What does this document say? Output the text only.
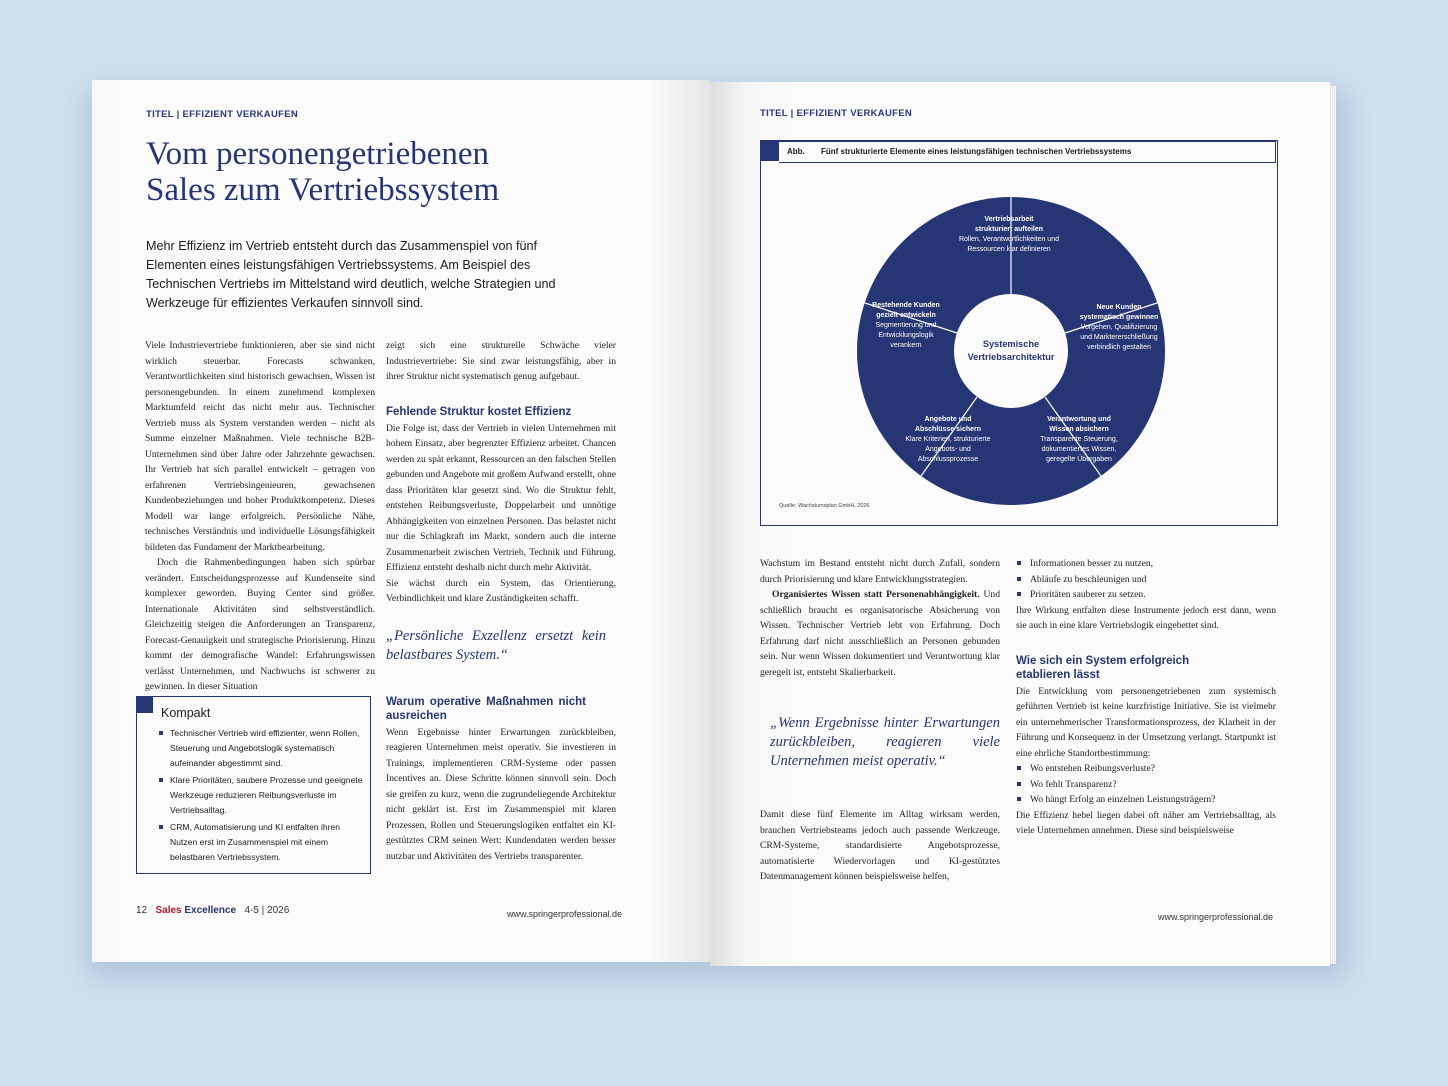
TITEL | EFFIZIENT VERKAUFEN
Vom personengetriebenen
Sales zum Vertriebssystem
Mehr Effizienz im Vertrieb entsteht durch das Zusammenspiel von fünf Elementen eines leistungsfähigen Vertriebssystems. Am Beispiel des Technischen Vertriebs im Mittelstand wird deutlich, welche Strategien und Werkzeuge für effizientes Verkaufen sinnvoll sind.

Viele Industrievertriebe funktionieren, aber sie sind nicht wirklich steuerbar. Forecasts schwanken, Verantwortlichkeiten sind historisch gewachsen, Wissen ist personengebunden. In einem zunehmend komplexen Marktumfeld reicht das nicht mehr aus. Technischer Vertrieb muss als System verstanden werden – nicht als Summe einzelner Maßnahmen. Viele technische B2B-Unternehmen sind über Jahre oder Jahrzehnte gewachsen. Ihr Vertrieb hat sich parallel entwickelt – getragen von erfahrenen Vertriebsingenieuren, gewachsenen Kundenbeziehungen und hoher Produktkompetenz. Dieses Modell war lange erfolgreich. Persönliche Nähe, technisches Verständnis und individuelle Lösungsfähigkeit bildeten das Fundament der Marktbearbeitung.

Doch die Rahmenbedingungen haben sich spürbar verändert. Entscheidungsprozesse auf Kundenseite sind komplexer geworden. Buying Center sind größer. Internationale Aktivitäten sind selbstverständlich. Gleichzeitig steigen die Anforderungen an Transparenz, Forecast-Genauigkeit und strategische Priorisierung. Hinzu kommt der demografische Wandel: Erfahrungswissen verlässt Unternehmen, und Nachwuchs ist schwerer zu gewinnen. In dieser Situation

zeigt sich eine strukturelle Schwäche vieler Industrievertriebe: Sie sind zwar leistungsfähig, aber in ihrer Struktur nicht systematisch genug aufgebaut.

Fehlende Struktur kostet Effizienz

Die Folge ist, dass der Vertrieb in vielen Unternehmen mit hohem Einsatz, aber begrenzter Effizienz arbeitet. Chancen werden zu spät erkannt, Ressourcen an den falschen Stellen gebunden und Angebote mit großem Aufwand erstellt, ohne dass Prioritäten klar gesetzt sind. Wo die Struktur fehlt, entstehen Reibungsverluste, Doppelarbeit und unnötige Abhängigkeiten von einzelnen Personen. Das belastet nicht nur die Schlagkraft im Markt, sondern auch die interne Zusammenarbeit zwischen Vertrieb, Technik und Führung. Effizienz entsteht deshalb nicht durch mehr Aktivität.

Sie wächst durch ein System, das Orientierung, Verbindlichkeit und klare Zuständigkeiten schafft.

„Persönliche Exzellenz ersetzt kein belastbares System.“
Warum operative Maßnahmen nicht ausreichen

Wenn Ergebnisse hinter Erwartungen zurückbleiben, reagieren Unternehmen meist operativ. Sie investieren in Trainings, implementieren CRM-Systeme oder passen Incentives an. Diese Schritte können sinnvoll sein. Doch sie greifen zu kurz, wenn die zugrundeliegende Architektur nicht geklärt ist. Erst im Zusammenspiel mit klaren Prozessen, Rollen und Steuerungslogiken entfaltet ein KI-gestütztes CRM seinen Wert: Kundendaten werden besser nutzbar und Aktivitäten des Vertriebs transparenter.

Kompakt
Technischer Vertrieb wird effizienter, wenn Rollen, Steuerung und Angebotslogik systematisch aufeinander abgestimmt sind.
Klare Prioritäten, saubere Prozesse und geeignete Werkzeuge reduzieren Reibungsverluste im Vertriebsalltag.
CRM, Automatisierung und KI entfalten ihren Nutzen erst im Zusammenspiel mit einem belastbaren Vertriebssystem.
12 Sales Excellence 4-5 | 2026	www.springerprofessional.de
TITEL | EFFIZIENT VERKAUFEN
Abb. Fünf strukturierte Elemente eines leistungsfähigen technischen Vertriebssystems
Systemische
Vertriebsarchitektur
Vertriebsarbeit
strukturiert aufteilen
Rollen, Verantwortlichkeiten und
Ressourcen klar definieren
Neue Kunden
systematisch gewinnen
Vorgehen, Qualifizierung
und Marktererschließung
verbindlich gestalten
Verantwortung und
Wissen absichern
Transparente Steuerung,
dokumentiertes Wissen,
geregelte Übergaben
Angebote und
Abschlüsse sichern
Klare Kriterien, strukturierte
Angebots- und
Abschlussprozesse
Bestehende Kunden
gezielt entwickeln
Segmentierung und
Entwicklungslogik
verankern
Quelle: Wachstumsplan GmbH, 2026

Wachstum im Bestand entsteht nicht durch Zufall, sondern durch Priorisierung und klare Entwicklungsstrategien.

Organisiertes Wissen statt Personenabhängigkeit. Und schließlich braucht es organisatorische Absicherung von Wissen. Technischer Vertrieb lebt von Erfahrung. Doch Erfahrung darf nicht ausschließlich an Personen gebunden sein. Nur wenn Wissen dokumentiert und Verantwortung klar geregelt ist, entsteht Skalierbarkeit.

„Wenn Ergebnisse hinter Erwartungen zurückbleiben, reagieren viele Unternehmen meist operativ.“

Damit diese fünf Elemente im Alltag wirksam werden, brauchen Vertriebsteams jedoch auch passende Werkzeuge. CRM-Systeme, standardisierte Angebotsprozesse, automatisierte Wiedervorlagen und KI-gestütztes Datenmanagement können beispielsweise helfen,

Informationen besser zu nutzen,
Abläufe zu beschleunigen und
Prioritäten sauberer zu setzen.

Ihre Wirkung entfalten diese Instrumente jedoch erst dann, wenn sie auch in eine klare Vertriebslogik eingebettet sind.

Wie sich ein System erfolgreich
etablieren lässt

Die Entwicklung vom personengetriebenen zum systemisch geführten Vertrieb ist keine kurzfristige Initiative. Sie ist vielmehr ein unternehmerischer Transformationsprozess, der Klarheit in der Führung und Konsequenz in der Umsetzung verlangt. Startpunkt ist eine ehrliche Standortbestimmung:

Wo entstehen Reibungsverluste?
Wo fehlt Transparenz?
Wo hängt Erfolg an einzelnen Leistungsträgern?

Die Effizienz hebel liegen dabei oft näher am Vertriebsalltag, als viele Unternehmen annehmen. Diese sind beispielsweise

www.springerprofessional.de
